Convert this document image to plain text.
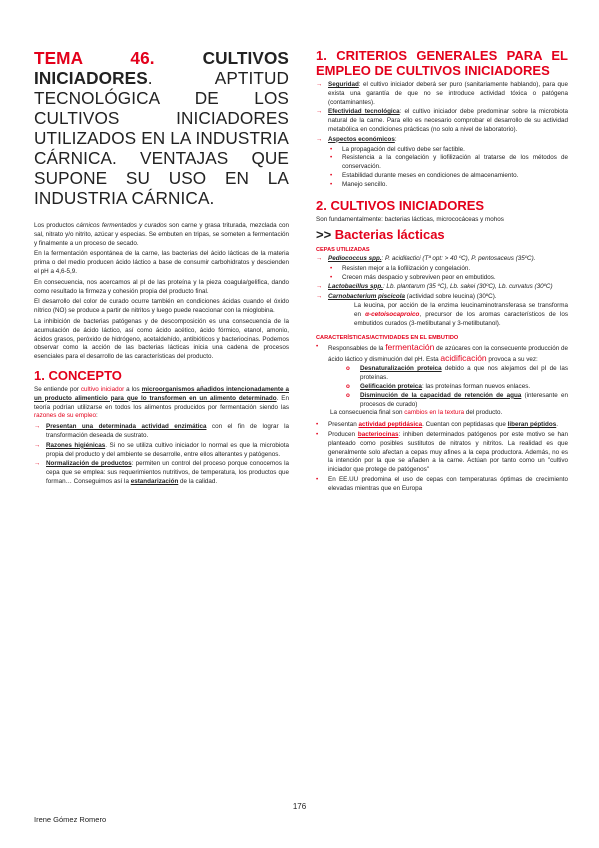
TEMA 46. CULTIVOS INICIADORES. APTITUD TECNOLÓGICA DE LOS CULTIVOS INICIADORES UTILIZADOS EN LA INDUSTRIA CÁRNICA. VENTAJAS QUE SUPONE SU USO EN LA INDUSTRIA CÁRNICA.

Los productos cárnicos fermentados y curados son carne y grasa triturada, mezclada con sal, nitrato y/o nitrito, azúcar y especias. Se embuten en tripas, se someten a fermentación y finalmente a un proceso de secado.

En la fermentación espontánea de la carne, las bacterias del ácido lácticas de la materia prima o del medio producen ácido láctico a base de consumir carbohidratos y descienden el pH a 4,6-5,9.

En consecuencia, nos acercamos al pI de las proteína y la pieza coagula/gelifica, dando como resultado la firmeza y cohesión propia del producto final.

El desarrollo del color de curado ocurre también en condiciones ácidas cuando el óxido nítrico (NO) se produce a partir de nitritos y luego puede reaccionar con la mioglobina.

La inhibición de bacterias patógenas y de descomposición es una consecuencia de la acumulación de ácido láctico, así como ácido acético, ácido fórmico, etanol, amonio, ácidos grasos, peróxido de hidrógeno, acetaldehído, antibióticos y bacteriocinas. Podemos observar como la acción de las bacterias lácticas inicia una cadena de procesos esenciales para el desarrollo de las características del producto.

1. CONCEPTO

Se entiende por cultivo iniciador a los microorganismos añadidos intencionadamente a un producto alimenticio para que lo transformen en un alimento determinado. En teoría podrían utilizarse en todos los alimentos producidos por fermentación siendo las razones de su empleo:

→ Presentan una determinada actividad enzimática con el fin de lograr la transformación deseada de sustrato.
→ Razones higiénicas. Si no se utiliza cultivo iniciador lo normal es que la microbiota propia del producto y del ambiente se desarrolle, entre ellos alterantes y patógenos.
→ Normalización de productos: permiten un control del proceso porque conocemos la cepa que se emplea: sus requerimientos nutritivos, de temperatura, los productos que forman… Conseguimos así la estandarización de la calidad.
1. CRITERIOS GENERALES PARA EL EMPLEO DE CULTIVOS INICIADORES
→ Seguridad: el cultivo iniciador deberá ser puro (sanitariamente hablando), para que exista una garantía de que no se introduce actividad tóxica o patógena (contaminantes).
→ Efectividad tecnológica: el cultivo iniciador debe predominar sobre la microbiota natural de la carne. Para ello es necesario comprobar el desarrollo de su actividad metabólica en condiciones prácticas (no solo a nivel de laboratorio).
→ Aspectos económicos:
•	La propagación del cultivo debe ser factible.
•	Resistencia a la congelación y liofilización al tratarse de los métodos de conservación.
•	Estabilidad durante meses en condiciones de almacenamiento.
•	Manejo sencillo.
2. CULTIVOS INICIADORES

Son fundamentalmente: bacterias lácticas, micrococáceas y mohos

>> Bacterias lácticas
CEPAS UTILIZADAS
→ Pediococcus spp.: P. acidilactici (Tª opt: > 40 ºC), P. pentosaceus (35ºC).
•	Resisten mejor a la liofilización y congelación.
•	Crecen más despacio y sobreviven peor en embutidos.
→ Lactobacillus spp.: Lb. plantarum (35 ºC), Lb. sakei (30ºC), Lb. curvatus (30ºC)
→ Carnobacterium piscicola (actividad sobre leucina) (30ºC).
La leucina, por acción de la enzima leucinaminotransferasa se transforma en α-cetoisocaproico, precursor de los aromas característicos de los embutidos curados (3-metilbutanal y 3-metilbutanol).
CARACTERÍSTICAS/ACTIVIDADES EN EL EMBUTIDO
•	Responsables de la fermentación de azúcares con la consecuente producción de ácido láctico y disminución del pH. Esta acidificación provoca a su vez:
o	Desnaturalización proteica debido a que nos alejamos del pI de las proteínas.
o	Gelificación proteica: las proteínas forman nuevos enlaces.
o	Disminución de la capacidad de retención de agua (interesante en procesos de curado)
La consecuencia final son cambios en la textura del producto.
•	Presentan actividad peptidásica. Cuentan con peptidasas que liberan péptidos.
•	Producen bacteriocinas: inhiben determinados patógenos por este motivo se han planteado como posibles sustitutos de nitratos y nitritos. La realidad es que generalmente solo afectan a cepas muy afines a la cepa productora. Además, no es la intención por la que se añaden a la carne. Actúan por tanto como un "cultivo iniciador que protege de patógenos"
•	En EE.UU predomina el uso de cepas con temperaturas óptimas de crecimiento elevadas mientras que en Europa
176
Irene Gómez Romero
